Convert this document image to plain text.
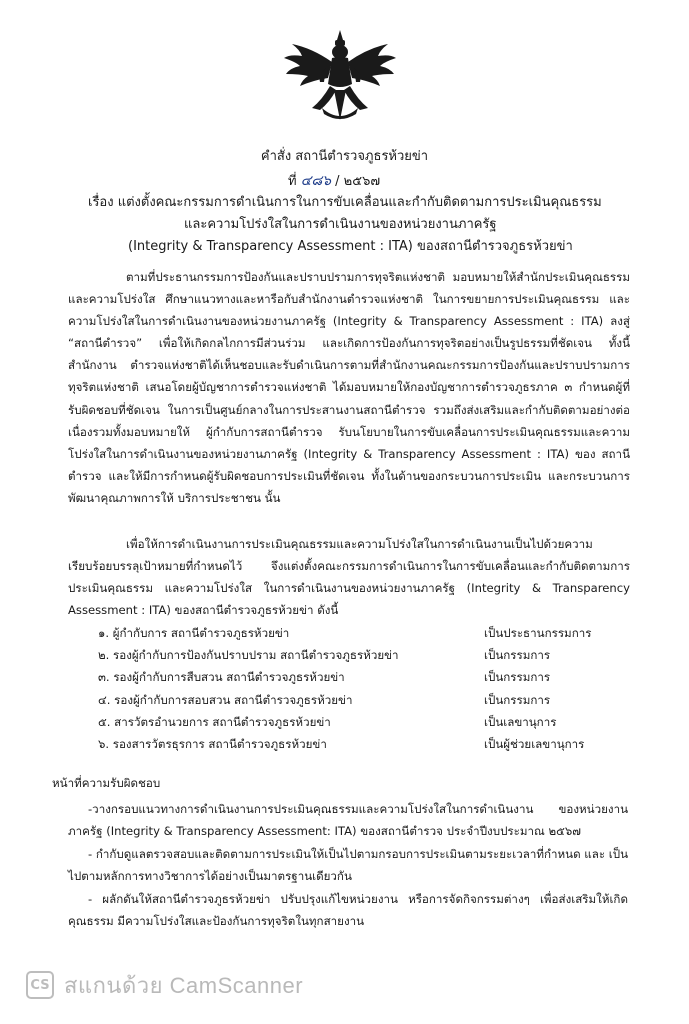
คำสั่ง สถานีตำรวจภูธรห้วยข่า
ที่ ๔๘๖ / ๒๕๖๗
เรื่อง แต่งตั้งคณะกรรมการดำเนินการในการขับเคลื่อนและกำกับติดตามการประเมินคุณธรรม
และความโปร่งใสในการดำเนินงานของหน่วยงานภาครัฐ
(Integrity & Transparency Assessment : ITA) ของสถานีตำรวจภูธรห้วยข่า
ตามที่ประธานกรรมการป้องกันและปราบปรามการทุจริตแห่งชาติ มอบหมายให้สำนักประเมินคุณธรรมและความโปร่งใส ศึกษาแนวทางและหารือกับสำนักงานตำรวจแห่งชาติ ในการขยายการประเมินคุณธรรม และความโปร่งใสในการดำเนินงานของหน่วยงานภาครัฐ (Integrity & Transparency Assessment : ITA) ลงสู่ “สถานีตำรวจ” เพื่อให้เกิดกลไกการมีส่วนร่วม และเกิดการป้องกันการทุจริตอย่างเป็นรูปธรรมที่ชัดเจน ทั้งนี้สำนักงาน ตำรวจแห่งชาติได้เห็นชอบและรับดำเนินการตามที่สำนักงานคณะกรรมการป้องกันและปราบปรามการทุจริตแห่งชาติ เสนอโดยผู้บัญชาการตำรวจแห่งชาติ ได้มอบหมายให้กองบัญชาการตำรวจภูธรภาค ๓ กำหนดผู้ที่รับผิดชอบที่ชัดเจน ในการเป็นศูนย์กลางในการประสานงานสถานีตำรวจ รวมถึงส่งเสริมและกำกับติดตามอย่างต่อเนื่องรวมทั้งมอบหมายให้ ผู้กำกับการสถานีตำรวจ รับนโยบายในการขับเคลื่อนการประเมินคุณธรรมและความโปร่งใสในการดำเนินงานของหน่วยงานภาครัฐ (Integrity & Transparency Assessment : ITA) ของ สถานีตำรวจ และให้มีการกำหนดผู้รับผิดชอบการประเมินที่ชัดเจน ทั้งในด้านของกระบวนการประเมิน และกระบวนการพัฒนาคุณภาพการให้ บริการประชาชน นั้น
เพื่อให้การดำเนินงานการประเมินคุณธรรมและความโปร่งใสในการดำเนินงานเป็นไปด้วยความเรียบร้อยบรรลุเป้าหมายที่กำหนดไว้ จึงแต่งตั้งคณะกรรมการดำเนินการในการขับเคลื่อนและกำกับติดตามการประเมินคุณธรรม และความโปร่งใส ในการดำเนินงานของหน่วยงานภาครัฐ (Integrity & Transparency Assessment : ITA) ของสถานีตำรวจภูธรห้วยข่า ดังนี้
๑. ผู้กำกับการ สถานีตำรวจภูธรห้วยข่า	เป็นประธานกรรมการ
๒. รองผู้กำกับการป้องกันปราบปราม สถานีตำรวจภูธรห้วยข่า	เป็นกรรมการ
๓. รองผู้กำกับการสืบสวน สถานีตำรวจภูธรห้วยข่า	เป็นกรรมการ
๔. รองผู้กำกับการสอบสวน สถานีตำรวจภูธรห้วยข่า	เป็นกรรมการ
๕. สารวัตรอำนวยการ สถานีตำรวจภูธรห้วยข่า	เป็นเลขานุการ
๖. รองสารวัตรธุรการ สถานีตำรวจภูธรห้วยข่า	เป็นผู้ช่วยเลขานุการ
หน้าที่ความรับผิดชอบ
-วางกรอบแนวทางการดำเนินงานการประเมินคุณธรรมและความโปร่งใสในการดำเนินงาน ของหน่วยงานภาครัฐ (Integrity & Transparency Assessment: ITA) ของสถานีตำรวจ ประจำปีงบประมาณ ๒๕๖๗
- กำกับดูแลตรวจสอบและติดตามการประเมินให้เป็นไปตามกรอบการประเมินตามระยะเวลาที่กำหนด และ เป็นไปตามหลักการทางวิชาการได้อย่างเป็นมาตรฐานเดียวกัน
- ผลักดันให้สถานีตำรวจภูธรห้วยข่า ปรับปรุงแก้ไขหน่วยงาน หรือการจัดกิจกรรมต่างๆ เพื่อส่งเสริมให้เกิดคุณธรรม มีความโปร่งใสและป้องกันการทุจริตในทุกสายงาน
CS สแกนด้วย CamScanner
